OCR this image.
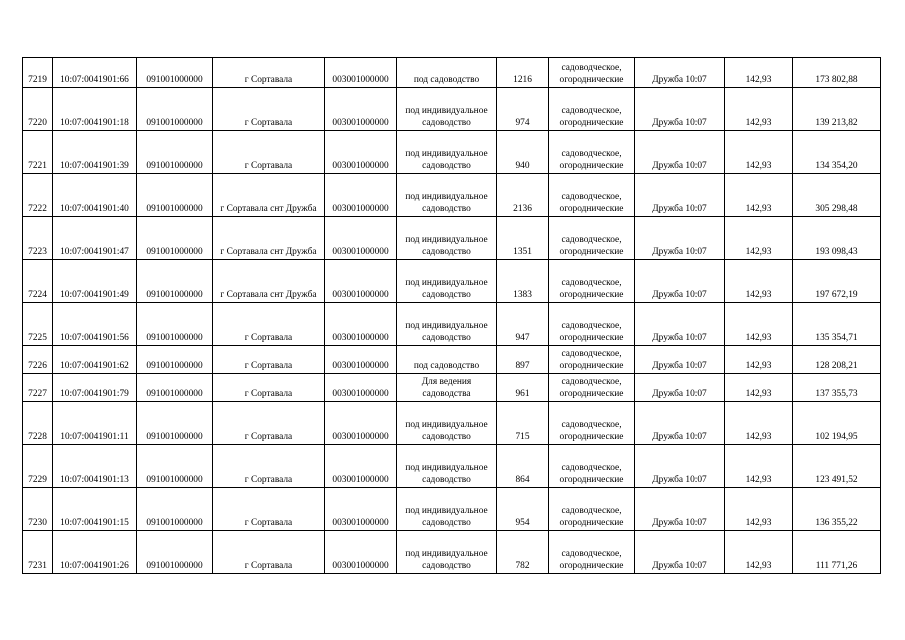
7219	10:07:0041901:66	091001000000	г Сортавала	003001000000	под садоводство	1216	садоводческое, огороднические	Дружба 10:07	142,93	173 802,88

7220	10:07:0041901:18	091001000000	г Сортавала	003001000000	под индивидуальное садоводство	974	садоводческое, огороднические	Дружба 10:07	142,93	139 213,82

7221	10:07:0041901:39	091001000000	г Сортавала	003001000000	под индивидуальное садоводство	940	садоводческое, огороднические	Дружба 10:07	142,93	134 354,20

7222	10:07:0041901:40	091001000000	г Сортавала снт Дружба	003001000000	под индивидуальное садоводство	2136	садоводческое, огороднические	Дружба 10:07	142,93	305 298,48

7223	10:07:0041901:47	091001000000	г Сортавала снт Дружба	003001000000	под индивидуальное садоводство	1351	садоводческое, огороднические	Дружба 10:07	142,93	193 098,43

7224	10:07:0041901:49	091001000000	г Сортавала снт Дружба	003001000000	под индивидуальное садоводство	1383	садоводческое, огороднические	Дружба 10:07	142,93	197 672,19

7225	10:07:0041901:56	091001000000	г Сортавала	003001000000	под индивидуальное садоводство	947	садоводческое, огороднические	Дружба 10:07	142,93	135 354,71

7226	10:07:0041901:62	091001000000	г Сортавала	003001000000	под садоводство	897	садоводческое, огороднические	Дружба 10:07	142,93	128 208,21

7227	10:07:0041901:79	091001000000	г Сортавала	003001000000	Для ведения садоводства	961	садоводческое, огороднические	Дружба 10:07	142,93	137 355,73

7228	10:07:0041901:11	091001000000	г Сортавала	003001000000	под индивидуальное садоводство	715	садоводческое, огороднические	Дружба 10:07	142,93	102 194,95

7229	10:07:0041901:13	091001000000	г Сортавала	003001000000	под индивидуальное садоводство	864	садоводческое, огороднические	Дружба 10:07	142,93	123 491,52

7230	10:07:0041901:15	091001000000	г Сортавала	003001000000	под индивидуальное садоводство	954	садоводческое, огороднические	Дружба 10:07	142,93	136 355,22

7231	10:07:0041901:26	091001000000	г Сортавала	003001000000	под индивидуальное садоводство	782	садоводческое, огороднические	Дружба 10:07	142,93	111 771,26
